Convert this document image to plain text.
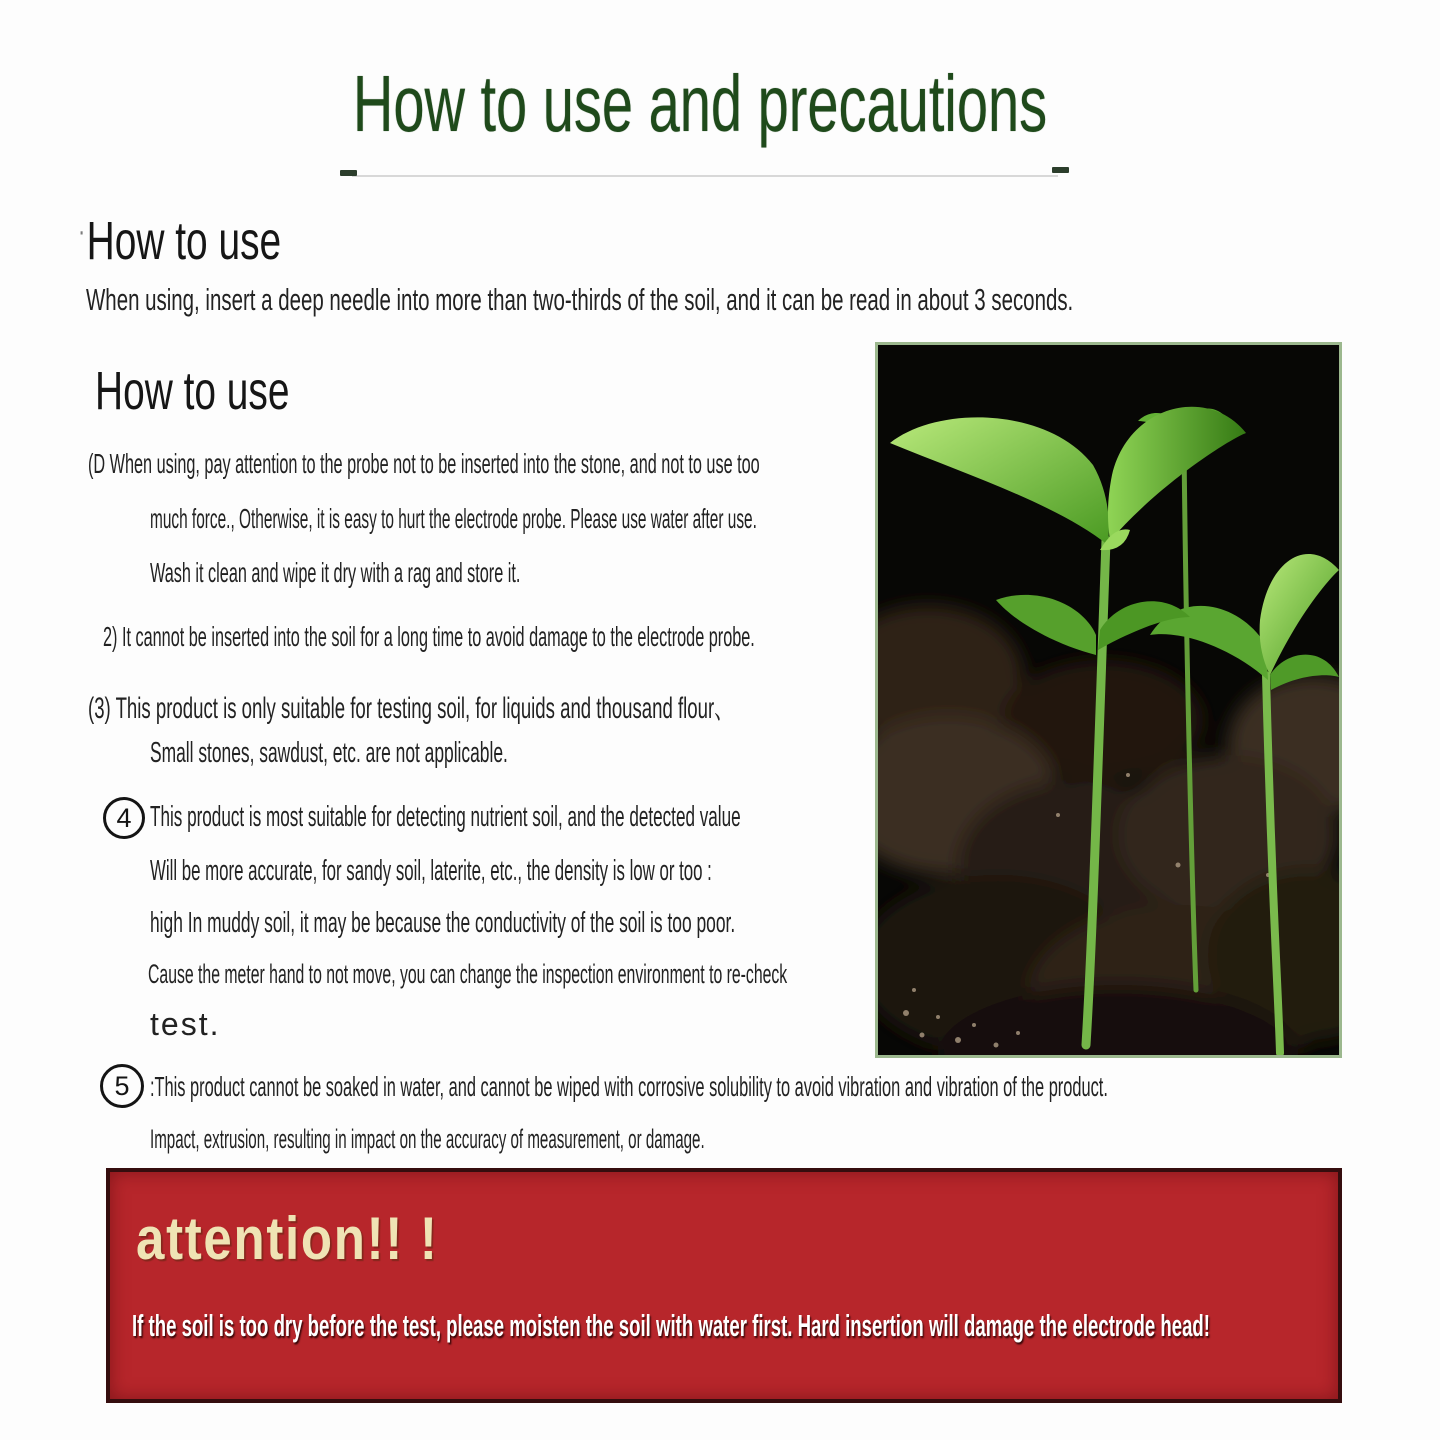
How to use and precautions
·How to use
When using, insert a deep needle into more than two-thirds of the soil, and it can be read in about 3 seconds.
How to use
(D When using, pay attention to the probe not to be inserted into the stone, and not to use too
much force., Otherwise, it is easy to hurt the electrode probe. Please use water after use.
Wash it clean and wipe it dry with a rag and store it.
2) It cannot be inserted into the soil for a long time to avoid damage to the electrode probe.
(3) This product is only suitable for testing soil, for liquids and thousand flour、
Small stones, sawdust, etc. are not applicable.
4 This product is most suitable for detecting nutrient soil, and the detected value
Will be more accurate, for sandy soil, laterite, etc., the density is low or too :
high In muddy soil, it may be because the conductivity of the soil is too poor.
Cause the meter hand to not move, you can change the inspection environment to re-check
test.
5 :This product cannot be soaked in water, and cannot be wiped with corrosive solubility to avoid vibration and vibration of the product.
Impact, extrusion, resulting in impact on the accuracy of measurement, or damage.
attention!! !
If the soil is too dry before the test, please moisten the soil with water first. Hard insertion will damage the electrode head!
